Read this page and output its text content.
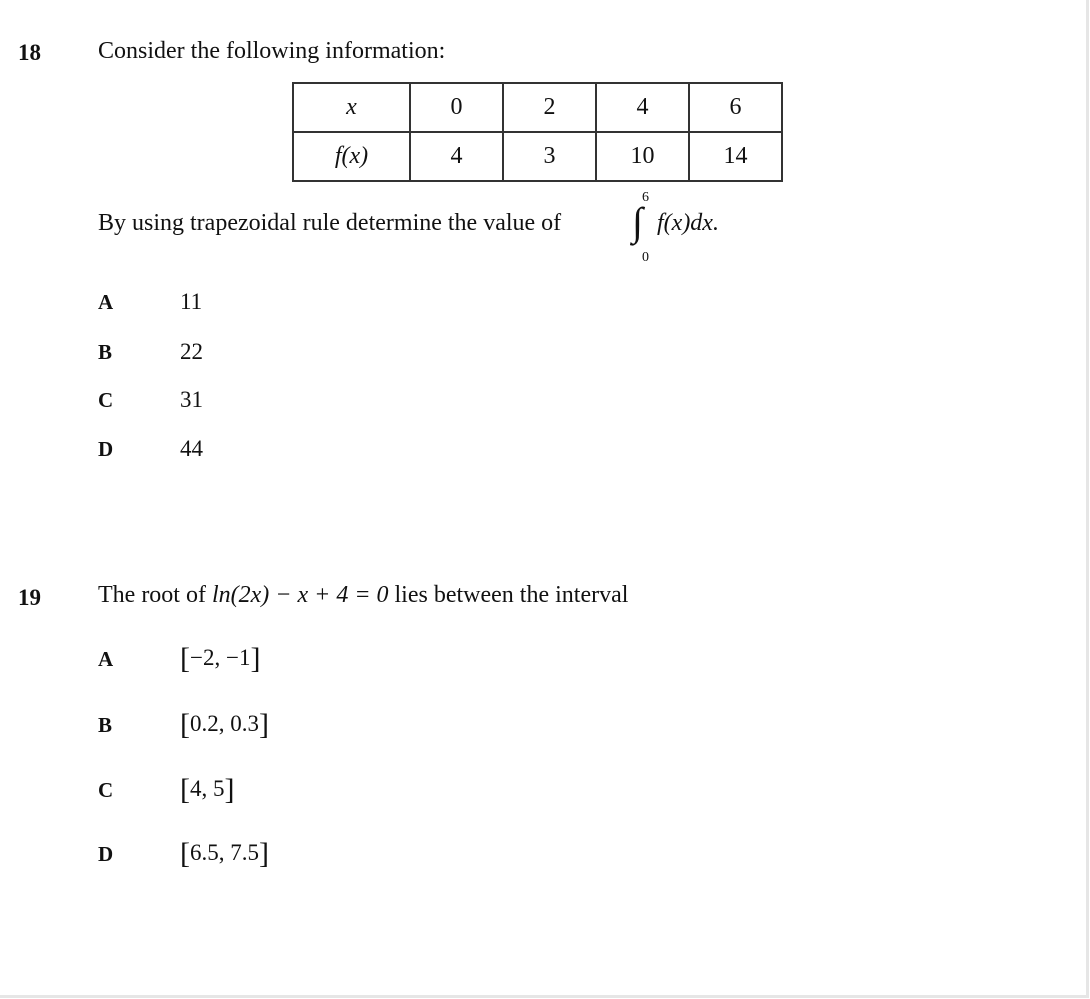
18 Consider the following information:
x	0	2	4	6
f(x)	4	3	10	14
By using trapezoidal rule determine the value of
6
∫
0
f(x)dx.
A	11
B	22
C	31
D	44
19 The root of ln(2x) − x + 4 = 0 lies between the interval
A [−2, −1]
B [0.2, 0.3]
C [4, 5]
D [6.5, 7.5]
